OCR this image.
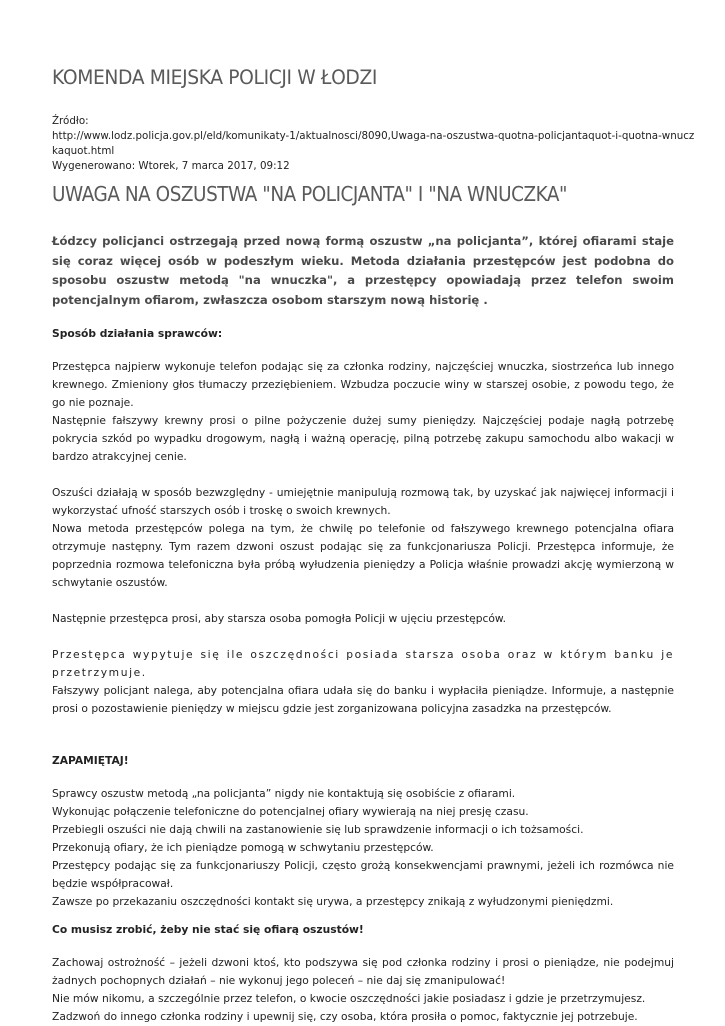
KOMENDA MIEJSKA POLICJI W ŁODZI
Źródło:
http://www.lodz.policja.gov.pl/eld/komunikaty-1/aktualnosci/8090,Uwaga-na-oszustwa-quotna-policjantaquot-i-quotna-wnucz
kaquot.html
Wygenerowano: Wtorek, 7 marca 2017, 09:12
UWAGA NA OSZUSTWA "NA POLICJANTA" I "NA WNUCZKA"

Łódzcy policjanci ostrzegają przed nową formą oszustw „na policjanta”, której ofiarami staje się coraz więcej osób w podeszłym wieku. Metoda działania przestępców jest podobna do sposobu oszustw metodą "na wnuczka", a przestępcy opowiadają przez telefon swoim potencjalnym ofiarom, zwłaszcza osobom starszym nową historię .

Sposób działania sprawców:

Przestępca najpierw wykonuje telefon podając się za członka rodziny, najczęściej wnuczka, siostrzeńca lub innego krewnego. Zmieniony głos tłumaczy przeziębieniem. Wzbudza poczucie winy w starszej osobie, z powodu tego, że go nie poznaje.

Następnie fałszywy krewny prosi o pilne pożyczenie dużej sumy pieniędzy. Najczęściej podaje nagłą potrzebę pokrycia szkód po wypadku drogowym, nagłą i ważną operację, pilną potrzebę zakupu samochodu albo wakacji w bardzo atrakcyjnej cenie.

Oszuści działają w sposób bezwzględny - umiejętnie manipulują rozmową tak, by uzyskać jak najwięcej informacji i wykorzystać ufność starszych osób i troskę o swoich krewnych.

Nowa metoda przestępców polega na tym, że chwilę po telefonie od fałszywego krewnego potencjalna ofiara otrzymuje następny. Tym razem dzwoni oszust podając się za funkcjonariusza Policji. Przestępca informuje, że poprzednia rozmowa telefoniczna była próbą wyłudzenia pieniędzy a Policja właśnie prowadzi akcję wymierzoną w schwytanie oszustów.

Następnie przestępca prosi, aby starsza osoba pomogła Policji w ujęciu przestępców.

Przestępca wypytuje się ile oszczędności posiada starsza osoba oraz w którym banku je przetrzymuje.

Fałszywy policjant nalega, aby potencjalna ofiara udała się do banku i wypłaciła pieniądze. Informuje, a następnie prosi o pozostawienie pieniędzy w miejscu gdzie jest zorganizowana policyjna zasadzka na przestępców.

ZAPAMIĘTAJ!

Sprawcy oszustw metodą „na policjanta” nigdy nie kontaktują się osobiście z ofiarami.

Wykonując połączenie telefoniczne do potencjalnej ofiary wywierają na niej presję czasu.

Przebiegli oszuści nie dają chwili na zastanowienie się lub sprawdzenie informacji o ich tożsamości.

Przekonują ofiary, że ich pieniądze pomogą w schwytaniu przestępców.

Przestępcy podając się za funkcjonariuszy Policji, często grożą konsekwencjami prawnymi, jeżeli ich rozmówca nie będzie współpracował.

Zawsze po przekazaniu oszczędności kontakt się urywa, a przestępcy znikają z wyłudzonymi pieniędzmi.

Co musisz zrobić, żeby nie stać się ofiarą oszustów!

Zachowaj ostrożność – jeżeli dzwoni ktoś, kto podszywa się pod członka rodziny i prosi o pieniądze, nie podejmuj żadnych pochopnych działań – nie wykonuj jego poleceń – nie daj się zmanipulować!

Nie mów nikomu, a szczególnie przez telefon, o kwocie oszczędności jakie posiadasz i gdzie je przetrzymujesz.

Zadzwoń do innego członka rodziny i upewnij się, czy osoba, która prosiła o pomoc, faktycznie jej potrzebuje.
